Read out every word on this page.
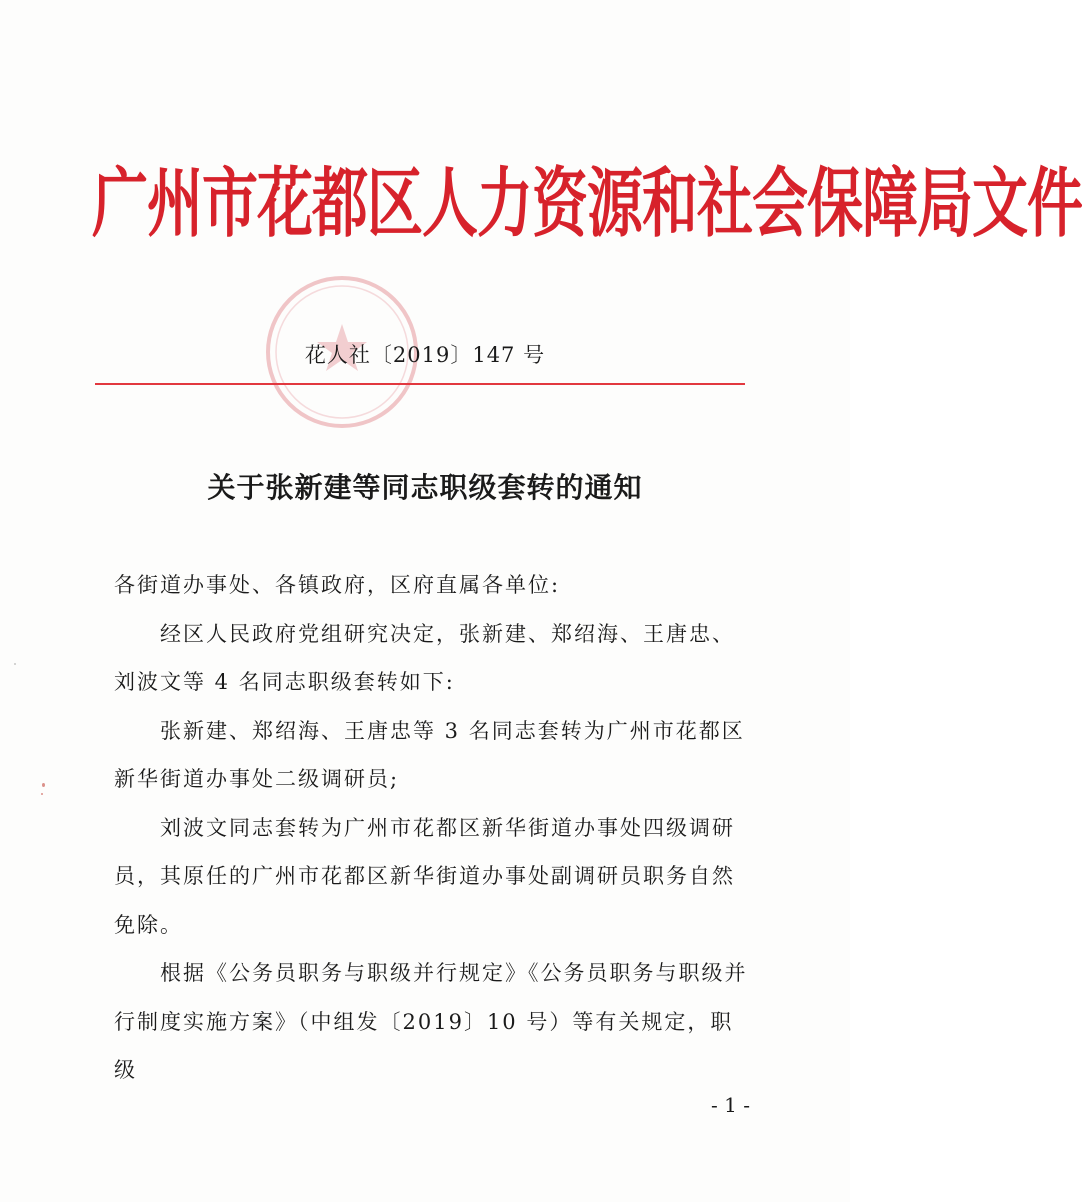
广州市花都区人力资源和社会保障局文件
花人社〔2019〕147 号
关于张新建等同志职级套转的通知

各街道办事处、各镇政府，区府直属各单位:

经区人民政府党组研究决定，张新建、郑绍海、王唐忠、刘波文等 4 名同志职级套转如下:

张新建、郑绍海、王唐忠等 3 名同志套转为广州市花都区新华街道办事处二级调研员;

刘波文同志套转为广州市花都区新华街道办事处四级调研员，其原任的广州市花都区新华街道办事处副调研员职务自然免除。

根据《公务员职务与职级并行规定》《公务员职务与职级并行制度实施方案》（中组发〔2019〕10 号）等有关规定，职级

- 1 -
